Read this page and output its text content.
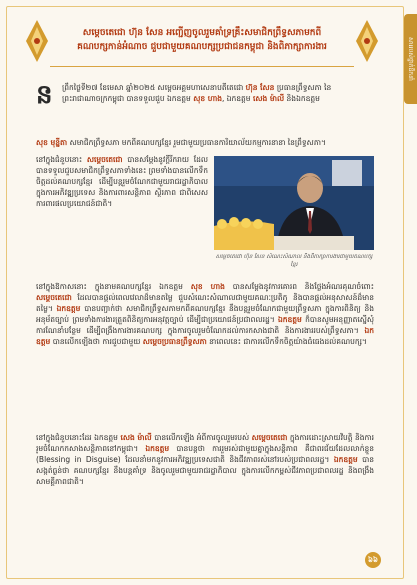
សាររបស់ថ្នាក់ដឹកនាំ
សម្ដេចតេជោ ហ៊ុន សែន អញ្ជើញចូលរួមគាំទ្រគ្រឹះសមាជិកព្រឹទ្ធសភាមកពី
គណបក្សកាន់អំណាច ជួបជាមួយគណបក្សប្រជាជនកម្ពុជា និងពិភាក្សាការងារ
ន	ព្រឹកថ្ងៃទី២៧ ខែមេសា ឆ្នាំ២០២៥ សម្ដេចអគ្គមហាសេនាបតីតេជោ ហ៊ុន សែន ប្រធានព្រឹទ្ធសភា នៃព្រះរាជាណាចក្រកម្ពុជា បានទទួលជួប ឯកឧត្ដម សុខ ហាង, ឯកឧត្តម សេង ម៉ាលី និងឯកឧត្តម
សុខ មុន្នីតា សមាជិកព្រឹទ្ធសភា មកពីគណបក្សខ្មែរ រួមជាមួយប្រធានការិយាល័យកម្មការនានា នៃព្រឹទ្ធសភា។
នៅក្នុងជំនួបនោះ សម្ដេចតេជោ បានសម្ដែងនូវក្ដីរីករាយ ដែលបានទទួលជួបសមាជិកព្រឹទ្ធសភាទាំងនេះ ព្រមទាំងបានលើកទឹកចិត្តដល់គណបក្សខ្មែរ ដើម្បីបន្តរួមចំណែកជាមួយរាជរដ្ឋាភិបាល ក្នុងការអភិវឌ្ឍប្រទេស និងការពារសន្តិភាព ស្ថិរភាព ជាពិសេសការពារផលប្រយោជន៍ជាតិ។
សម្ដេចតេជោ ហ៊ុន សែន សំណេះសំណាល និងពិភាក្សាការងារជាមួយគណបក្សខ្មែរ
នៅក្នុងឱកាសនោះ ក្នុងនាមគណបក្សខ្មែរ ឯកឧត្តម សុខ ហាង បានសម្ដែងនូវការគោរព និងថ្លែងអំណរគុណចំពោះ សម្ដេចតេជោ ដែលបានផ្ដល់ពេលវេលាដ៏មានតម្លៃ ជួបសំណេះសំណាលជាមួយគណៈប្រតិភូ និងបានផ្ដល់អនុសាសន៍ដ៏មានតម្លៃ។ ឯកឧត្តម បានបញ្ជាក់ថា សមាជិកព្រឹទ្ធសភាមកពីគណបក្សខ្មែរ នឹងបន្តរួមចំណែកជាមួយព្រឹទ្ធសភា ក្នុងការពិនិត្យ និងអនុម័តច្បាប់ ព្រមទាំងការងារត្រួតពិនិត្យការអនុវត្តច្បាប់ ដើម្បីជាប្រយោជន៍ប្រជាពលរដ្ឋ។ ឯកឧត្តម ក៏បានសូមអនុញ្ញាតស្នើសុំការណែនាំបន្ថែម ដើម្បីពង្រឹងការងារគណបក្ស ក្នុងការចូលរួមចំណែកដល់ការកសាងជាតិ និងការងាររបស់ព្រឹទ្ធសភា។ ឯកឧត្តម បានលើកឡើងថា ការជួបជាមួយ សម្ដេចប្រធានព្រឹទ្ធសភា នាពេលនេះ ជាការលើកទឹកចិត្តយ៉ាងធំធេងដល់គណបក្ស។
នៅក្នុងជំនួបនោះដែរ ឯកឧត្តម សេង ម៉ាលី បានលើកឡើង អំពីការចូលរួមរបស់ សម្ដេចតេជោ ក្នុងការដោះស្រាយវិបត្តិ និងការរួមចំណែកកសាងសន្តិភាពនៅកម្ពុជា។ ឯកឧត្តម បានបន្តថា ការរួមរស់ជាមួយគ្នាក្នុងសន្តិភាព គឺជាពរជ័យដែលលាក់ខ្លួន (Blessing in Disguise) ដែលនាំមកនូវការអភិវឌ្ឍប្រទេសជាតិ និងជីវភាពរស់នៅរបស់ប្រជាពលរដ្ឋ។ ឯកឧត្តម បានសង្កត់ធ្ងន់ថា គណបក្សខ្មែរ នឹងបន្តគាំទ្រ និងចូលរួមជាមួយរាជរដ្ឋាភិបាល ក្នុងការលើកកម្ពស់ជីវភាពប្រជាពលរដ្ឋ និងពង្រឹងសាមគ្គីភាពជាតិ។
៦៦
